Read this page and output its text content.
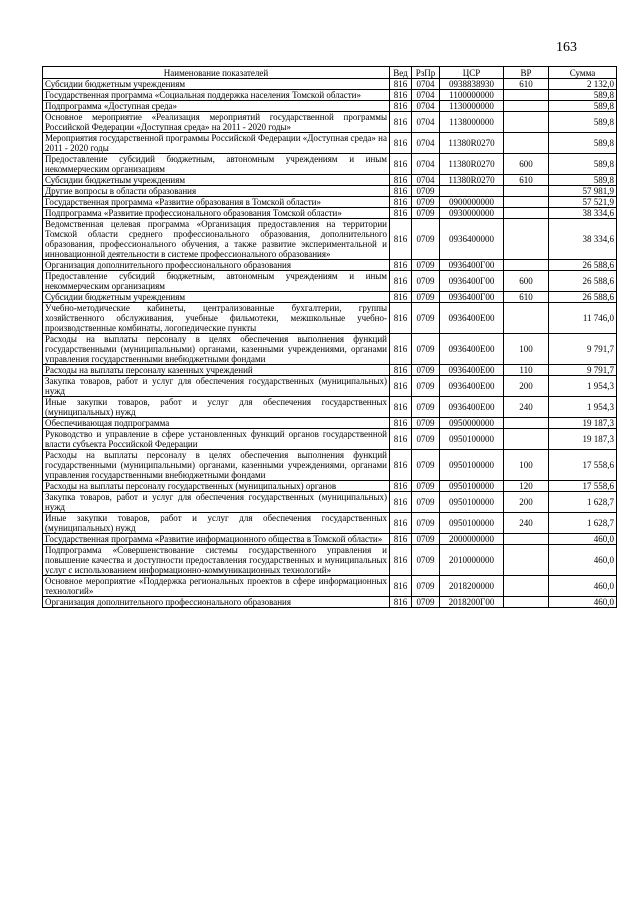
163
Наименование показателей	Вед	РзПр	ЦСР	ВР	Сумма
Субсидии бюджетным учреждениям	816	0704	0938838930	610	2 132,0
Государственная программа «Социальная поддержка населения Томской области»	816	0704	1100000000		589,8
Подпрограмма «Доступная среда»	816	0704	1130000000		589,8
Основное мероприятие «Реализация мероприятий государственной программы Российской Федерации «Доступная среда» на 2011 - 2020 годы»	816	0704	1138000000		589,8
Мероприятия государственной программы Российской Федерации «Доступная среда» на 2011 - 2020 годы	816	0704	11380R0270		589,8
Предоставление субсидий бюджетным, автономным учреждениям и иным некоммерческим организациям	816	0704	11380R0270	600	589,8
Субсидии бюджетным учреждениям	816	0704	11380R0270	610	589,8
Другие вопросы в области образования	816	0709			57 981,9
Государственная программа «Развитие образования в Томской области»	816	0709	0900000000		57 521,9
Подпрограмма «Развитие профессионального образования Томской области»	816	0709	0930000000		38 334,6
Ведомственная целевая программа «Организация предоставления на территории Томской области среднего профессионального образования, дополнительного образования, профессионального обучения, а также развитие экспериментальной и инновационной деятельности в системе профессионального образования»	816	0709	0936400000		38 334,6
Организация дополнительного профессионального образования	816	0709	0936400Г00		26 588,6
Предоставление субсидий бюджетным, автономным учреждениям и иным некоммерческим организациям	816	0709	0936400Г00	600	26 588,6
Субсидии бюджетным учреждениям	816	0709	0936400Г00	610	26 588,6
Учебно-методические кабинеты, централизованные бухгалтерии, группы хозяйственного обслуживания, учебные фильмотеки, межшкольные учебно-производственные комбинаты, логопедические пункты	816	0709	0936400Е00		11 746,0
Расходы на выплаты персоналу в целях обеспечения выполнения функций государственными (муниципальными) органами, казенными учреждениями, органами управления государственными внебюджетными фондами	816	0709	0936400Е00	100	9 791,7
Расходы на выплаты персоналу казенных учреждений	816	0709	0936400Е00	110	9 791,7
Закупка товаров, работ и услуг для обеспечения государственных (муниципальных) нужд	816	0709	0936400Е00	200	1 954,3
Иные закупки товаров, работ и услуг для обеспечения государственных (муниципальных) нужд	816	0709	0936400Е00	240	1 954,3
Обеспечивающая подпрограмма	816	0709	0950000000		19 187,3
Руководство и управление в сфере установленных функций органов государственной власти субъекта Российской Федерации	816	0709	0950100000		19 187,3
Расходы на выплаты персоналу в целях обеспечения выполнения функций государственными (муниципальными) органами, казенными учреждениями, органами управления государственными внебюджетными фондами	816	0709	0950100000	100	17 558,6
Расходы на выплаты персоналу государственных (муниципальных) органов	816	0709	0950100000	120	17 558,6
Закупка товаров, работ и услуг для обеспечения государственных (муниципальных) нужд	816	0709	0950100000	200	1 628,7
Иные закупки товаров, работ и услуг для обеспечения государственных (муниципальных) нужд	816	0709	0950100000	240	1 628,7
Государственная программа «Развитие информационного общества в Томской области»	816	0709	2000000000		460,0
Подпрограмма «Совершенствование системы государственного управления и повышение качества и доступности предоставления государственных и муниципальных услуг с использованием информационно-коммуникационных технологий»	816	0709	2010000000		460,0
Основное мероприятие «Поддержка региональных проектов в сфере информационных технологий»	816	0709	2018200000		460,0
Организация дополнительного профессионального образования	816	0709	2018200Г00		460,0
